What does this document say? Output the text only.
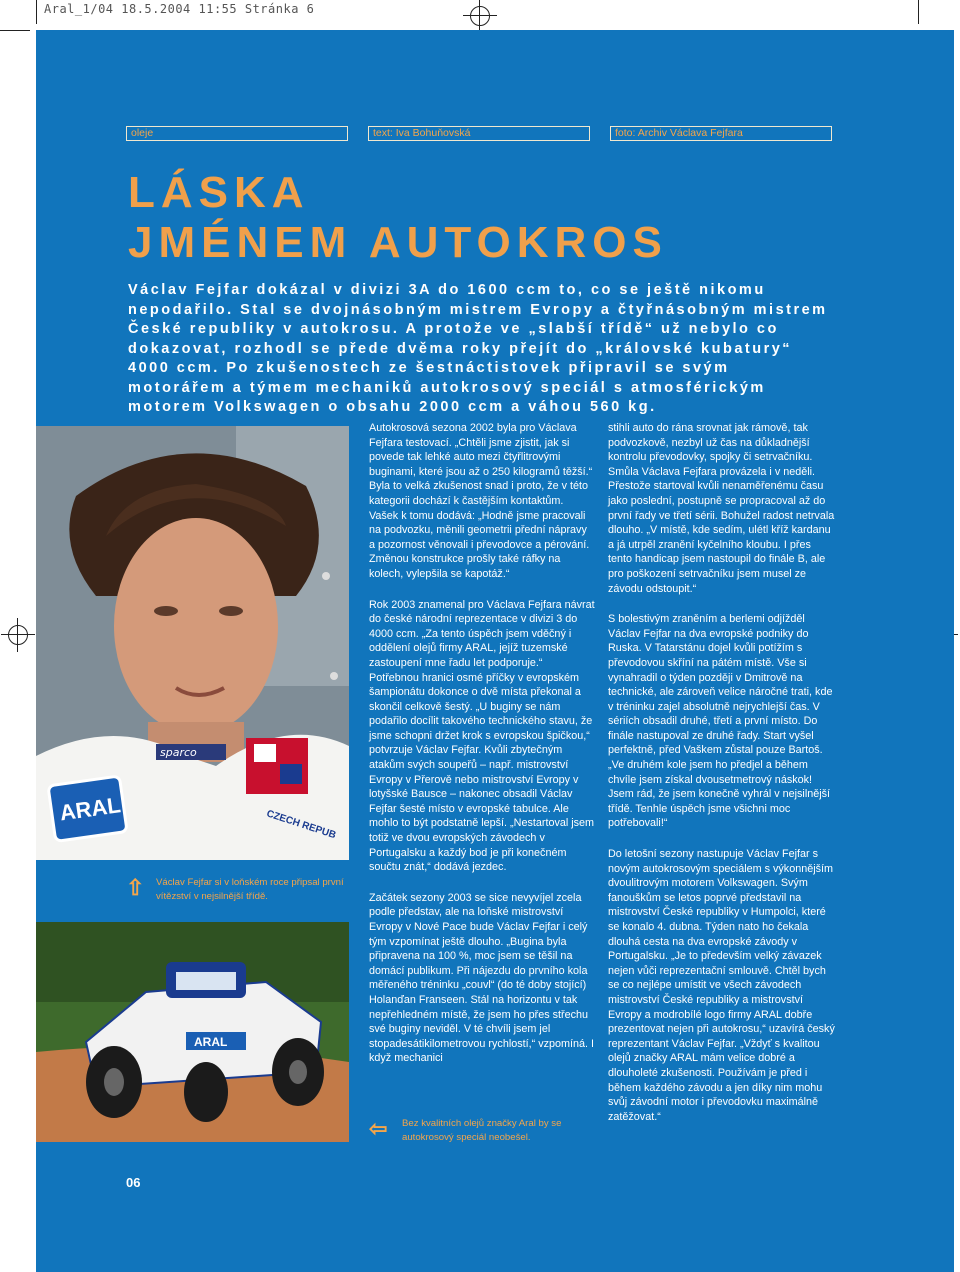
Aral_1/04 18.5.2004 11:55 Stránka 6
oleje	text: Iva Bohuňovská	foto: Archiv Václava Fejfara
LÁSKA
JMÉNEM AUTOKROS
Václav Fejfar dokázal v divizi 3A do 1600 ccm to, co se ještě nikomu nepodařilo. Stal se dvojnásobným mistrem Evropy a čtyřnásobným mistrem České republiky v autokrosu. A protože ve „slabší třídě“ už nebylo co dokazovat, rozhodl se přede dvěma roky přejít do „královské kubatury“ 4000 ccm. Po zkušenostech ze šestnáctistovek připravil se svým motorářem a týmem mechaniků autokrosový speciál s atmosférickým motorem Volkswagen o obsahu 2000 ccm a váhou 560 kg.
sparco
ARAL	CZECH REPUB
⇧ Václav Fejfar si v loňském roce připsal první vítězství v nejsilnější třídě.
ARAL

Autokrosová sezona 2002 byla pro Václava Fejfara testovací. „Chtěli jsme zjistit, jak si povede tak lehké auto mezi čtyřlitrovými buginami, které jsou až o 250 kilogramů těžší.“ Byla to velká zkušenost snad i proto, že v této kategorii dochází k častějším kontaktům. Vašek k tomu dodává: „Hodně jsme pracovali na podvozku, měnili geometrii přední nápravy a pozornost věnovali i převodovce a pérování. Změnou konstrukce prošly také ráfky na kolech, vylepšila se kapotáž.“

Rok 2003 znamenal pro Václava Fejfara návrat do české národní reprezentace v divizi 3 do 4000 ccm. „Za tento úspěch jsem vděčný i oddělení olejů firmy ARAL, jejíž tuzemské zastoupení mne řadu let podporuje.“ Potřebnou hranici osmé příčky v evropském šampionátu dokonce o dvě místa překonal a skončil celkově šestý. „U buginy se nám podařilo docílit takového technického stavu, že jsme schopni držet krok s evropskou špičkou,“ potvrzuje Václav Fejfar. Kvůli zbytečným atakům svých soupeřů – např. mistrovství Evropy v Přerově nebo mistrovství Evropy v lotyšské Bausce – nakonec obsadil Václav Fejfar šesté místo v evropské tabulce. Ale mohlo to být podstatně lepší. „Nestartoval jsem totiž ve dvou evropských závodech v Portugalsku a každý bod je při konečném součtu znát,“ dodává jezdec.

Začátek sezony 2003 se sice nevyvíjel zcela podle představ, ale na loňské mistrovství Evropy v Nové Pace bude Václav Fejfar i celý tým vzpomínat ještě dlouho. „Bugina byla připravena na 100 %, moc jsem se těšil na domácí publikum. Při nájezdu do prvního kola měřeného tréninku „couvl“ (do té doby stojící) Holanďan Franseen. Stál na horizontu v tak nepřehledném místě, že jsem ho přes střechu své buginy neviděl. V té chvíli jsem jel stopadesátikilometrovou rychlostí,“ vzpomíná. I když mechanici

⇦ Bez kvalitních olejů značky Aral by se autokrosový speciál neobešel.

stihli auto do rána srovnat jak rámově, tak podvozkově, nezbyl už čas na důkladnější kontrolu převodovky, spojky či setrvačníku. Smůla Václava Fejfara provázela i v neděli. Přestože startoval kvůli nenaměřenému času jako poslední, postupně se propracoval až do první řady ve třetí sérii. Bohužel radost netrvala dlouho. „V místě, kde sedím, ulétl kříž kardanu a já utrpěl zranění kyčelního kloubu. I přes tento handicap jsem nastoupil do finále B, ale pro poškození setrvačníku jsem musel ze závodu odstoupit.“

S bolestivým zraněním a berlemi odjížděl Václav Fejfar na dva evropské podniky do Ruska. V Tatarstánu dojel kvůli potížím s převodovou skříní na pátém místě. Vše si vynahradil o týden později v Dmitrově na technické, ale zároveň velice náročné trati, kde v tréninku zajel absolutně nejrychlejší čas. V sériích obsadil druhé, třetí a první místo. Do finále nastupoval ze druhé řady. Start vyšel perfektně, před Vaškem zůstal pouze Bartoš. „Ve druhém kole jsem ho předjel a během chvíle jsem získal dvousetmetrový náskok! Jsem rád, že jsem konečně vyhrál v nejsilnější třídě. Tenhle úspěch jsme všichni moc potřebovali!“

Do letošní sezony nastupuje Václav Fejfar s novým autokrosovým speciálem s výkonnějším dvoulitrovým motorem Volkswagen. Svým fanouškům se letos poprvé představil na mistrovství České republiky v Humpolci, které se konalo 4. dubna. Týden nato ho čekala dlouhá cesta na dva evropské závody v Portugalsku. „Je to především velký závazek nejen vůči reprezentační smlouvě. Chtěl bych se co nejlépe umístit ve všech závodech mistrovství České republiky a mistrovství Evropy a modrobílé logo firmy ARAL dobře prezentovat nejen při autokrosu,“ uzavírá český reprezentant Václav Fejfar. „Vždyť s kvalitou olejů značky ARAL mám velice dobré a dlouholeté zkušenosti. Používám je před i během každého závodu a jen díky nim mohu svůj závodní motor i převodovku maximálně zatěžovat.“

06
